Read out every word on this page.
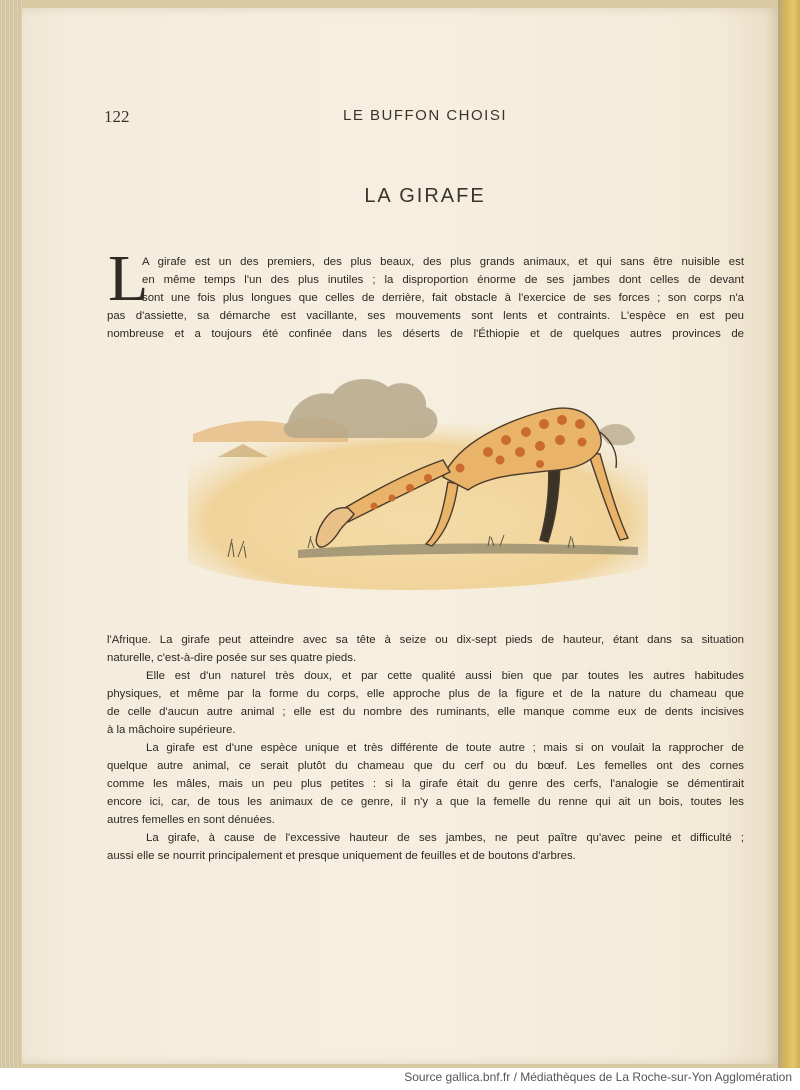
122	LE BUFFON CHOISI
LA GIRAFE
L
A girafe est un des premiers, des plus beaux, des plus grands animaux, et qui sans être nuisible est
en même temps l'un des plus inutiles ; la disproportion énorme de ses jambes dont celles de devant
sont une fois plus longues que celles de derrière, fait obstacle à l'exercice de ses forces ; son corps n'a
pas d'assiette, sa démarche est vacillante, ses mouvements sont lents et contraints. L'espèce en est peu
nombreuse et a toujours été confinée dans les déserts de l'Éthiopie et de quelques autres provinces de
l'Afrique. La girafe peut atteindre avec sa tête à seize ou dix-sept pieds de hauteur, étant dans sa situation
naturelle, c'est-à-dire posée sur ses quatre pieds.
Elle est d'un naturel très doux, et par cette qualité aussi bien que par toutes les autres habitudes
physiques, et même par la forme du corps, elle approche plus de la figure et de la nature du chameau que
de celle d'aucun autre animal ; elle est du nombre des ruminants, elle manque comme eux de dents incisives
à la mâchoire supérieure.
La girafe est d'une espèce unique et très différente de toute autre ; mais si on voulait la rapprocher de
quelque autre animal, ce serait plutôt du chameau que du cerf ou du bœuf. Les femelles ont des cornes
comme les mâles, mais un peu plus petites : si la girafe était du genre des cerfs, l'analogie se démentirait
encore ici, car, de tous les animaux de ce genre, il n'y a que la femelle du renne qui ait un bois, toutes les
autres femelles en sont dénuées.
La girafe, à cause de l'excessive hauteur de ses jambes, ne peut paître qu'avec peine et difficulté ;
aussi elle se nourrit principalement et presque uniquement de feuilles et de boutons d'arbres.
Source gallica.bnf.fr / Médiathèques de La Roche-sur-Yon Agglomération
